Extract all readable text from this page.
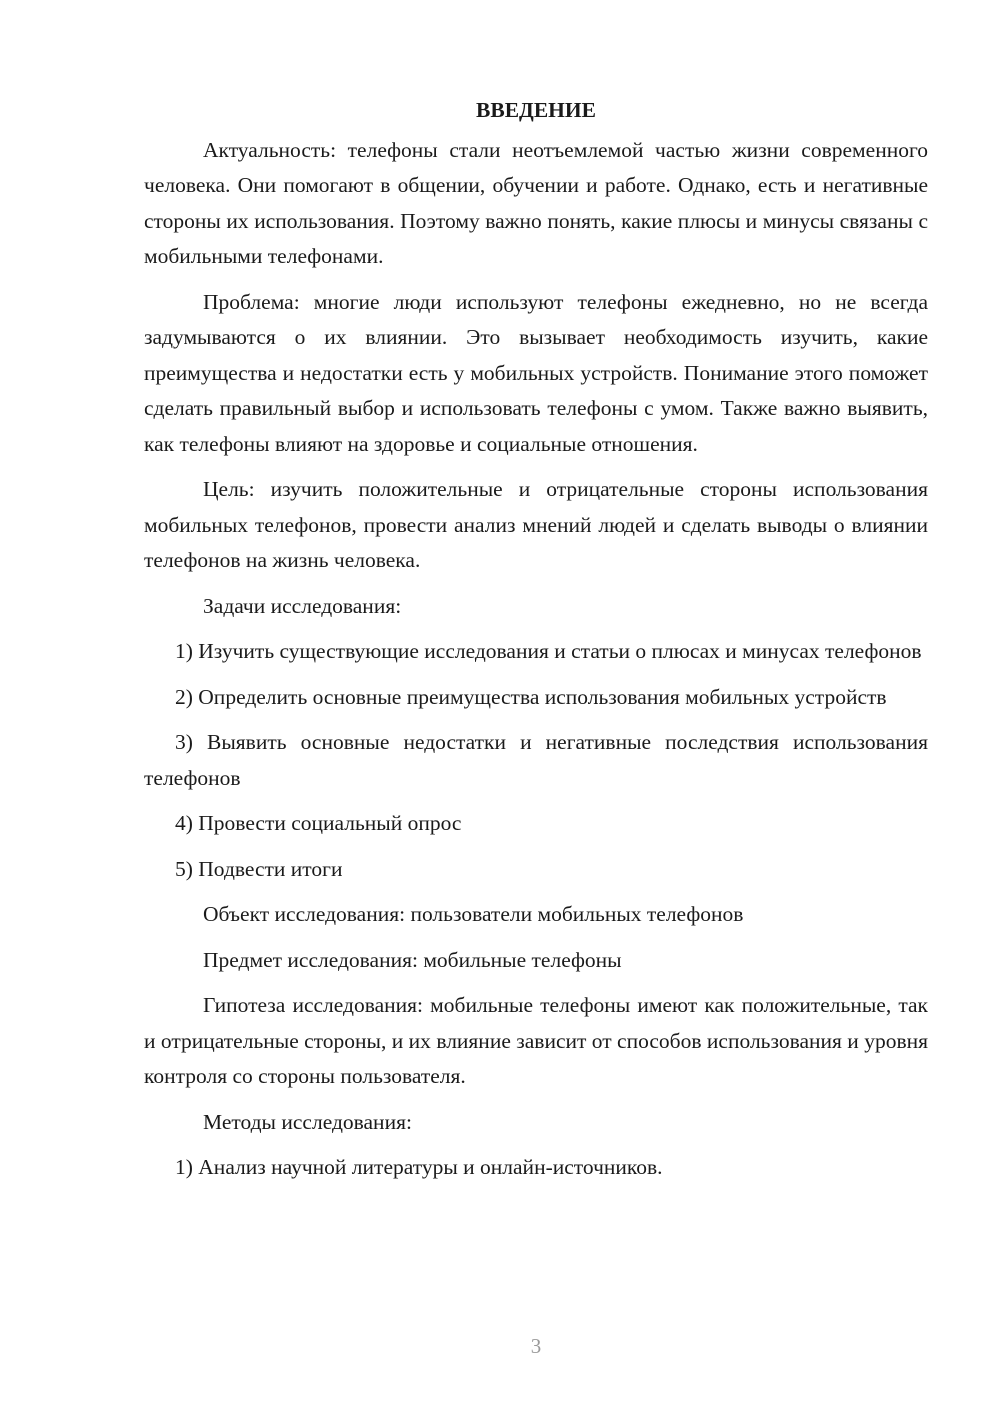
ВВЕДЕНИЕ

Актуальность: телефоны стали неотъемлемой частью жизни современного человека. Они помогают в общении, обучении и работе. Однако, есть и негативные стороны их использования. Поэтому важно понять, какие плюсы и минусы связаны с мобильными телефонами.

Проблема: многие люди используют телефоны ежедневно, но не всегда задумываются о их влиянии. Это вызывает необходимость изучить, какие преимущества и недостатки есть у мобильных устройств. Понимание этого поможет сделать правильный выбор и использовать телефоны с умом. Также важно выявить, как телефоны влияют на здоровье и социальные отношения.

Цель: изучить положительные и отрицательные стороны использования мобильных телефонов, провести анализ мнений людей и сделать выводы о влиянии телефонов на жизнь человека.

Задачи исследования:

1) Изучить существующие исследования и статьи о плюсах и минусах телефонов

2) Определить основные преимущества использования мобильных устройств

3) Выявить основные недостатки и негативные последствия использования телефонов

4) Провести социальный опрос

5) Подвести итоги

Объект исследования: пользователи мобильных телефонов

Предмет исследования: мобильные телефоны

Гипотеза исследования: мобильные телефоны имеют как положительные, так и отрицательные стороны, и их влияние зависит от способов использования и уровня контроля со стороны пользователя.

Методы исследования:

1) Анализ научной литературы и онлайн-источников.

3
